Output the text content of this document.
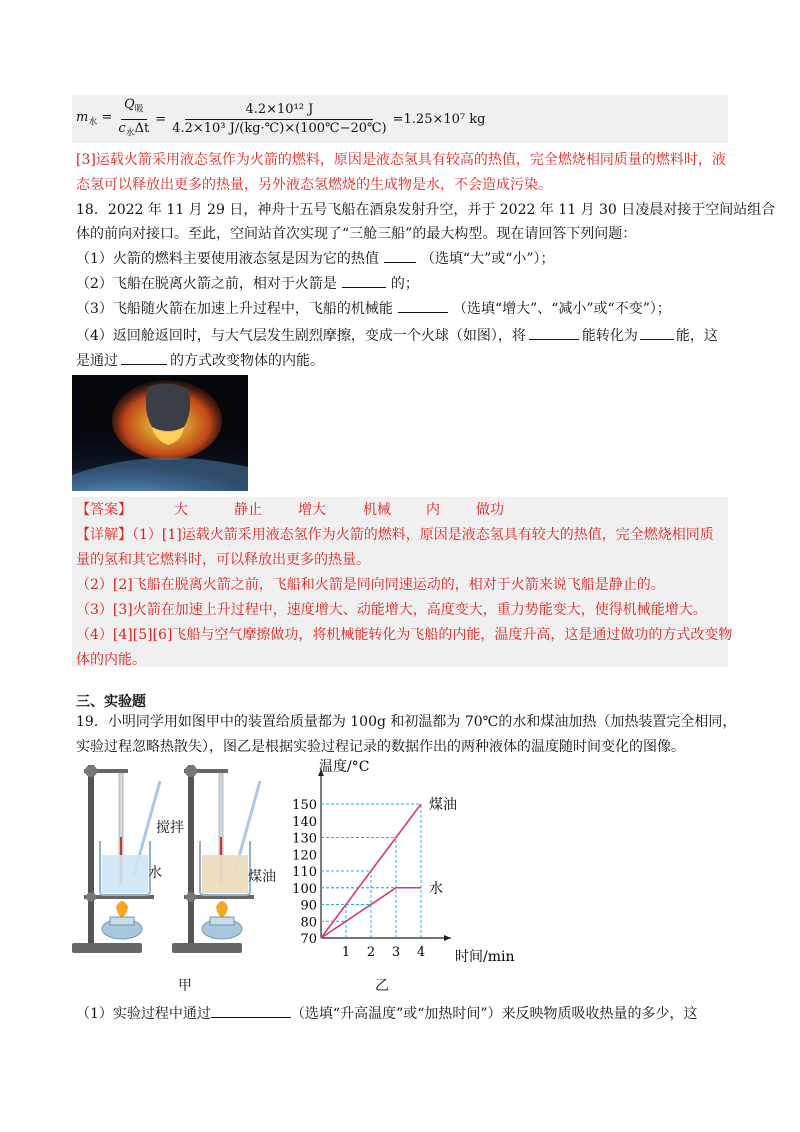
$m_水 = \frac{Q_吸}{c_水\Delta t} = \frac{\text{4.2×10¹² J}}{\text{4.2×10³ J/(kg·℃)×(100℃−20℃)}} =1.25\times 10^7$ kg
[3]运载火箭采用液态氢作为火箭的燃料，原因是液态氢具有较高的热值，完全燃烧相同质量的燃料时，液
态氢可以释放出更多的热量，另外液态氢燃烧的生成物是水，不会造成污染。
18．2022 年 11 月 29 日，神舟十五号飞船在酒泉发射升空，并于 2022 年 11 月 30 日凌晨对接于空间站组合
体的前向对接口。至此，空间站首次实现了“三舱三船”的最大构型。现在请回答下列问题：
（1）火箭的燃料主要使用液态氢是因为它的热值	（选填“大”或“小”）；
（2）飞船在脱离火箭之前，相对于火箭是	的；
（3）飞船随火箭在加速上升过程中，飞船的机械能	（选填“增大”、“减小”或“不变”）；
（4）返回舱返回时，与大气层发生剧烈摩擦，变成一个火球（如图），将	能转化为	能，这
是通过	的方式改变物体的内能。
【答案】	大	静止	增大	机械	内	做功
【详解】（1）[1]运载火箭采用液态氢作为火箭的燃料，原因是液态氢具有较大的热值，完全燃烧相同质
量的氢和其它燃料时，可以释放出更多的热量。
（2）[2]飞船在脱离火箭之前，飞船和火箭是同向同速运动的，相对于火箭来说飞船是静止的。
（3）[3]火箭在加速上升过程中，速度增大、动能增大，高度变大，重力势能变大，使得机械能增大。
（4）[4][5][6]飞船与空气摩擦做功，将机械能转化为飞船的内能，温度升高，这是通过做功的方式改变物
体的内能。
三、实验题
19．小明同学用如图甲中的装置给质量都为 100g 和初温都为 70℃的水和煤油加热（加热装置完全相同，
实验过程忽略热散失），图乙是根据实验过程记录的数据作出的两种液体的温度随时间变化的图像。
搅拌
水	煤油
甲	乙
温度/°C
时间/min
70
80
90
100
110
120
130
140
150
1 2 3 4
煤油
水
（1）实验过程中通过	（选填“升高温度”或“加热时间”）来反映物质吸收热量的多少，这
